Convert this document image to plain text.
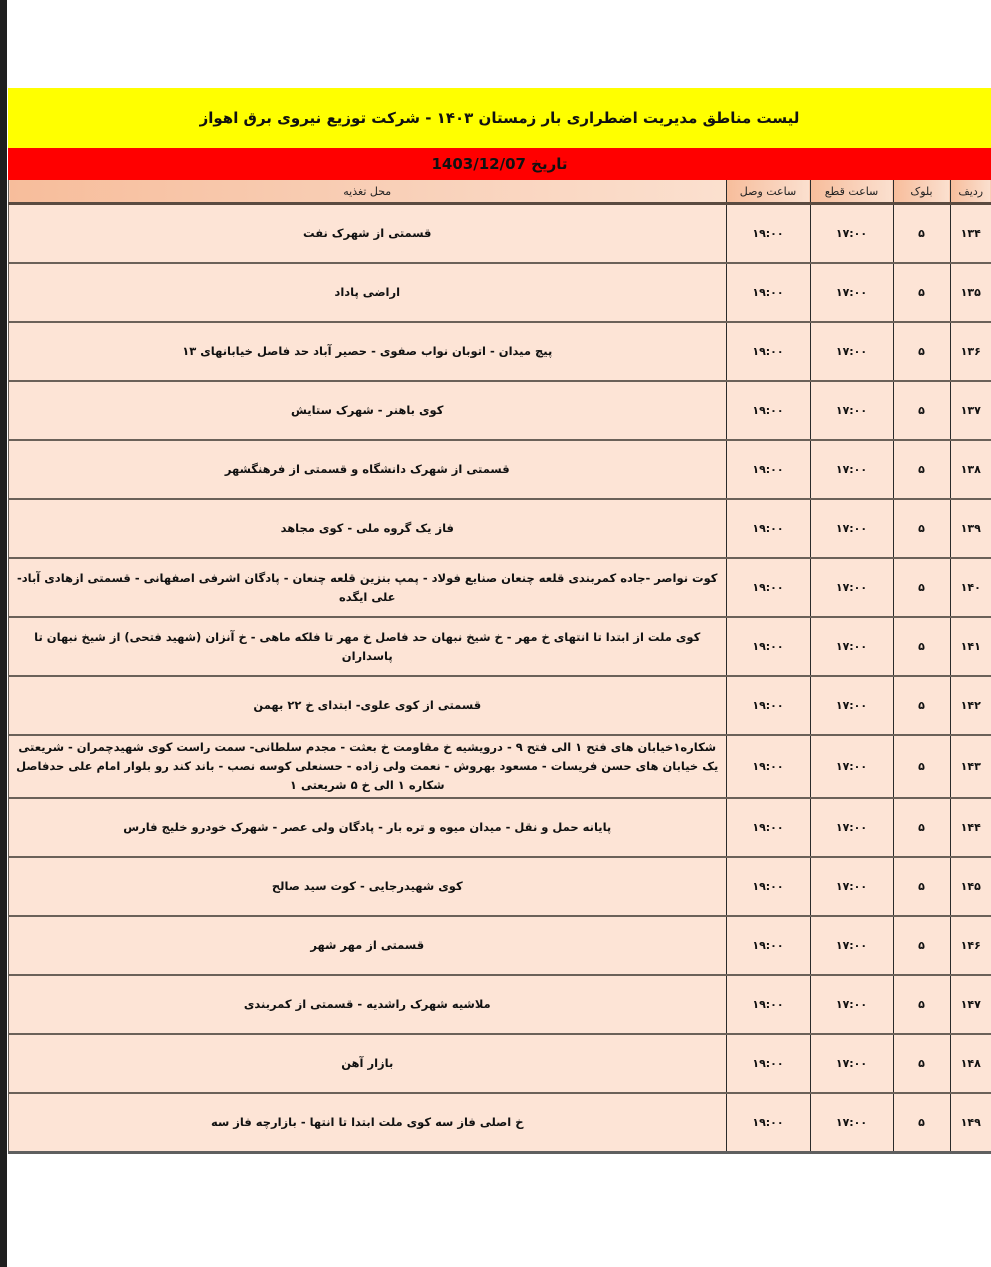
لیست مناطق مدیریت اضطراری بار زمستان ۱۴۰۳ - شرکت توزیع نیروی برق اهواز
تاریخ 1403/12/07
ردیف	بلوک	ساعت قطع	ساعت وصل	محل تغذیه
۱۳۴	۵	۱۷:۰۰	۱۹:۰۰	قسمتی از شهرک نفت
۱۳۵	۵	۱۷:۰۰	۱۹:۰۰	اراضی پاداد
۱۳۶	۵	۱۷:۰۰	۱۹:۰۰	پیچ میدان - اتوبان نواب صفوی - حصیر آباد حد فاصل خیابانهای ۱۳
۱۳۷	۵	۱۷:۰۰	۱۹:۰۰	کوی باهنر - شهرک ستایش
۱۳۸	۵	۱۷:۰۰	۱۹:۰۰	قسمتی از شهرک دانشگاه و قسمتی از فرهنگشهر
۱۳۹	۵	۱۷:۰۰	۱۹:۰۰	فاز یک گروه ملی - کوی مجاهد
۱۴۰	۵	۱۷:۰۰	۱۹:۰۰	کوت نواصر -جاده کمربندی قلعه چنعان صنایع فولاد - پمپ بنزین قلعه چنعان - پادگان اشرفی اصفهانی - قسمتی ازهادی آباد- علی ایگده
۱۴۱	۵	۱۷:۰۰	۱۹:۰۰	کوی ملت از ابتدا تا انتهای خ مهر - خ شیخ نبهان حد فاصل خ مهر تا فلکه ماهی - خ آنزان (شهید فتحی) از شیخ نبهان تا پاسداران
۱۴۲	۵	۱۷:۰۰	۱۹:۰۰	قسمتی از کوی علوی- ابتدای خ ۲۲ بهمن
۱۴۳	۵	۱۷:۰۰	۱۹:۰۰	شکاره۱خیابان های فتح ۱ الی فتح ۹ - درویشیه خ مقاومت خ بعثت - مجدم سلطانی- سمت راست کوی شهیدچمران - شریعتی یک خیابان های حسن فریسات - مسعود بهروش - نعمت ولی زاده - حسنعلی کوسه نصب - باند کند رو بلوار امام علی حدفاصل شکاره ۱ الی خ ۵ شریعتی ۱
۱۴۴	۵	۱۷:۰۰	۱۹:۰۰	پایانه حمل و نقل - میدان میوه و تره بار - پادگان ولی عصر - شهرک خودرو خلیج فارس
۱۴۵	۵	۱۷:۰۰	۱۹:۰۰	کوی شهیدرجایی - کوت سید صالح
۱۴۶	۵	۱۷:۰۰	۱۹:۰۰	قسمتی از مهر شهر
۱۴۷	۵	۱۷:۰۰	۱۹:۰۰	ملاشیه شهرک راشدیه - قسمتی از کمربندی
۱۴۸	۵	۱۷:۰۰	۱۹:۰۰	بازار آهن
۱۴۹	۵	۱۷:۰۰	۱۹:۰۰	خ اصلی فاز سه کوی ملت ابتدا تا انتها - بازارچه فاز سه
